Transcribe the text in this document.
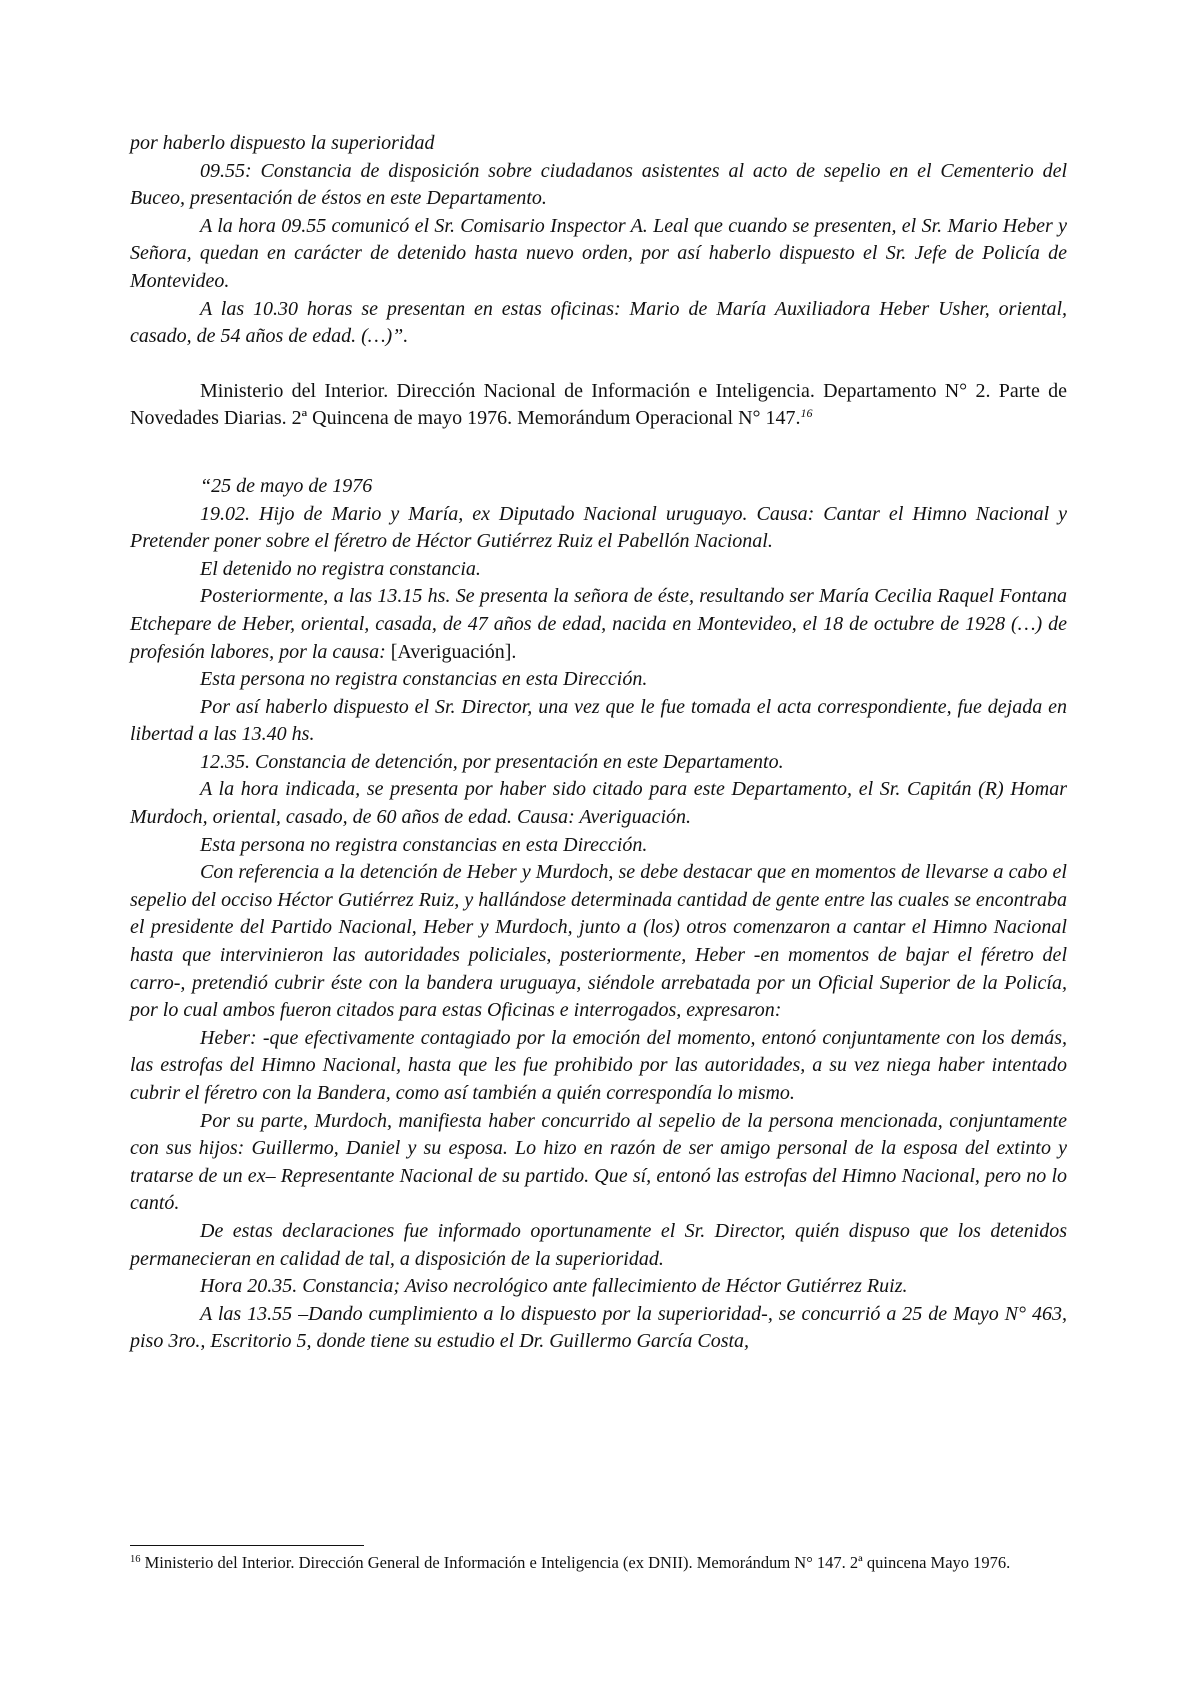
por haberlo dispuesto la superioridad

09.55: Constancia de disposición sobre ciudadanos asistentes al acto de sepelio en el Cementerio del Buceo, presentación de éstos en este Departamento.

A la hora 09.55 comunicó el Sr. Comisario Inspector A. Leal que cuando se presenten, el Sr. Mario Heber y Señora, quedan en carácter de detenido hasta nuevo orden, por así haberlo dispuesto el Sr. Jefe de Policía de Montevideo.

A las 10.30 horas se presentan en estas oficinas: Mario de María Auxiliadora Heber Usher, oriental, casado, de 54 años de edad. (…)”.

Ministerio del Interior. Dirección Nacional de Información e Inteligencia. Departamento N° 2. Parte de Novedades Diarias. 2ª Quincena de mayo 1976. Memorándum Operacional N° 147.16

“25 de mayo de 1976

19.02. Hijo de Mario y María, ex Diputado Nacional uruguayo. Causa: Cantar el Himno Nacional y Pretender poner sobre el féretro de Héctor Gutiérrez Ruiz el Pabellón Nacional.

El detenido no registra constancia.

Posteriormente, a las 13.15 hs. Se presenta la señora de éste, resultando ser María Cecilia Raquel Fontana Etchepare de Heber, oriental, casada, de 47 años de edad, nacida en Montevideo, el 18 de octubre de 1928 (…) de profesión labores, por la causa: [Averiguación].

Esta persona no registra constancias en esta Dirección.

Por así haberlo dispuesto el Sr. Director, una vez que le fue tomada el acta correspondiente, fue dejada en libertad a las 13.40 hs.

12.35. Constancia de detención, por presentación en este Departamento.

A la hora indicada, se presenta por haber sido citado para este Departamento, el Sr. Capitán (R) Homar Murdoch, oriental, casado, de 60 años de edad. Causa: Averiguación.

Esta persona no registra constancias en esta Dirección.

Con referencia a la detención de Heber y Murdoch, se debe destacar que en momentos de llevarse a cabo el sepelio del occiso Héctor Gutiérrez Ruiz, y hallándose determinada cantidad de gente entre las cuales se encontraba el presidente del Partido Nacional, Heber y Murdoch, junto a (los) otros comenzaron a cantar el Himno Nacional hasta que intervinieron las autoridades policiales, posteriormente, Heber -en momentos de bajar el féretro del carro-, pretendió cubrir éste con la bandera uruguaya, siéndole arrebatada por un Oficial Superior de la Policía, por lo cual ambos fueron citados para estas Oficinas e interrogados, expresaron:

Heber: -que efectivamente contagiado por la emoción del momento, entonó conjuntamente con los demás, las estrofas del Himno Nacional, hasta que les fue prohibido por las autoridades, a su vez niega haber intentado cubrir el féretro con la Bandera, como así también a quién correspondía lo mismo.

Por su parte, Murdoch, manifiesta haber concurrido al sepelio de la persona mencionada, conjuntamente con sus hijos: Guillermo, Daniel y su esposa. Lo hizo en razón de ser amigo personal de la esposa del extinto y tratarse de un ex– Representante Nacional de su partido. Que sí, entonó las estrofas del Himno Nacional, pero no lo cantó.

De estas declaraciones fue informado oportunamente el Sr. Director, quién dispuso que los detenidos permanecieran en calidad de tal, a disposición de la superioridad.

Hora 20.35. Constancia; Aviso necrológico ante fallecimiento de Héctor Gutiérrez Ruiz.

A las 13.55 –Dando cumplimiento a lo dispuesto por la superioridad-, se concurrió a 25 de Mayo N° 463, piso 3ro., Escritorio 5, donde tiene su estudio el Dr. Guillermo García Costa,

$^{16}$ Ministerio del Interior. Dirección General de Información e Inteligencia (ex DNII). Memorándum N° 147. 2ª quincena Mayo 1976.
